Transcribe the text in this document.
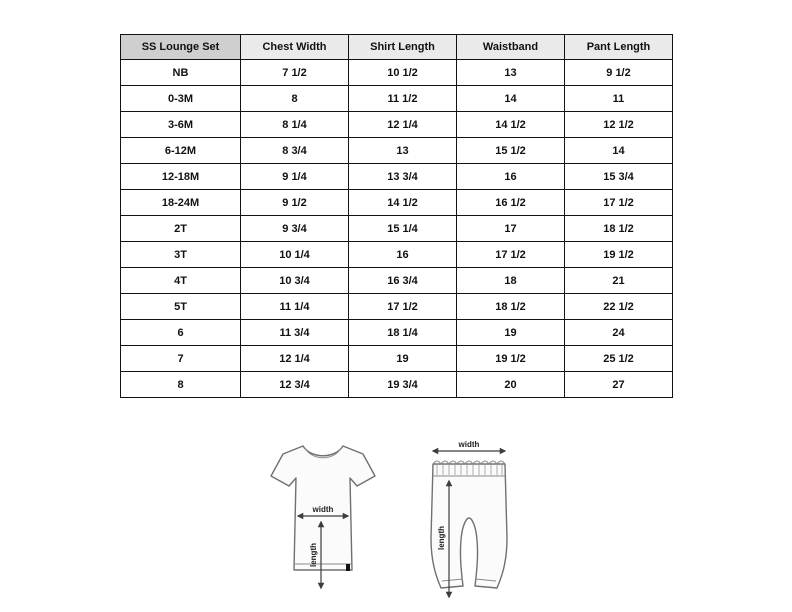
SS Lounge Set	Chest Width	Shirt Length	Waistband	Pant Length
NB	7 1/2	10 1/2	13	9 1/2
0-3M	8	11 1/2	14	11
3-6M	8 1/4	12 1/4	14 1/2	12 1/2
6-12M	8 3/4	13	15 1/2	14
12-18M	9 1/4	13 3/4	16	15 3/4
18-24M	9 1/2	14 1/2	16 1/2	17 1/2
2T	9 3/4	15 1/4	17	18 1/2
3T	10 1/4	16	17 1/2	19 1/2
4T	10 3/4	16 3/4	18	21
5T	11 1/4	17 1/2	18 1/2	22 1/2
6	11 3/4	18 1/4	19	24
7	12 1/4	19	19 1/2	25 1/2
8	12 3/4	19 3/4	20	27
width
length
width
length
